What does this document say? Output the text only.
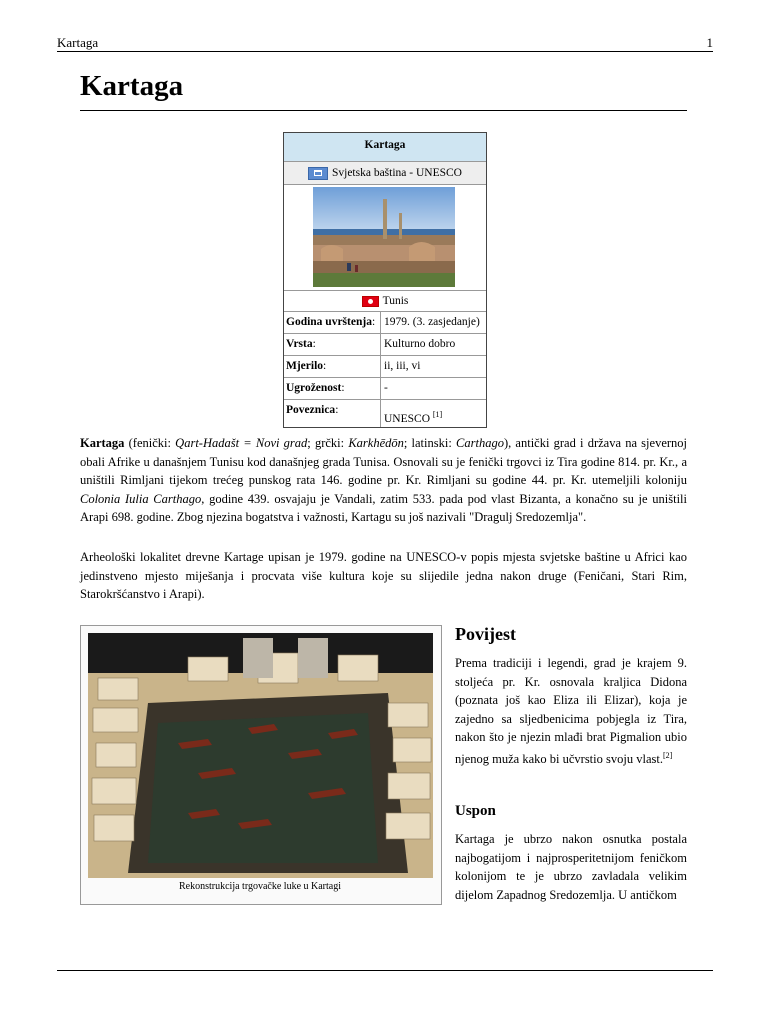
Kartaga	1
Kartaga
Kartaga
Svjetska baština - UNESCO
Tunis
Godina uvrštenja: 1979. (3. zasjedanje)
Vrsta:	Kulturno dobro
Mjerilo:	ii, iii, vi
Ugroženost:	-
Poveznica:
UNESCO [1]
Kartaga (fenički: Qart-Hadašt = Novi grad; grčki: Karkhēdōn; latinski: Carthago), antički grad i država na sjevernoj obali Afrike u današnjem Tunisu kod današnjeg grada Tunisa. Osnovali su je fenički trgovci iz Tira godine 814. pr. Kr., a uništili Rimljani tijekom trećeg punskog rata 146. godine pr. Kr. Rimljani su godine 44. pr. Kr. utemeljili koloniju Colonia Iulia Carthago, godine 439. osvajaju je Vandali, zatim 533. pada pod vlast Bizanta, a konačno su je uništili Arapi 698. godine. Zbog njezina bogatstva i važnosti, Kartagu su još nazivali "Dragulj Sredozemlja".
Arheološki lokalitet drevne Kartage upisan je 1979. godine na UNESCO-v popis mjesta svjetske baštine u Africi kao jedinstveno mjesto miješanja i procvata više kultura koje su slijedile jedna nakon druge (Feničani, Stari Rim, Starokršćanstvo i Arapi).
Rekonstrukcija trgovačke luke u Kartagi
Povijest
Prema tradiciji i legendi, grad je krajem 9. stoljeća pr. Kr. osnovala kraljica Didona (poznata još kao Eliza ili Elizar), koja je zajedno sa sljedbenicima pobjegla iz Tira, nakon što je njezin mlađi brat Pigmalion ubio njenog muža kako bi učvrstio svoju vlast.[2]
Uspon
Kartaga je ubrzo nakon osnutka postala najbogatijom i najprosperitetnijom feničkom kolonijom te je ubrzo zavladala velikim dijelom Zapadnog Sredozemlja. U antičkom
